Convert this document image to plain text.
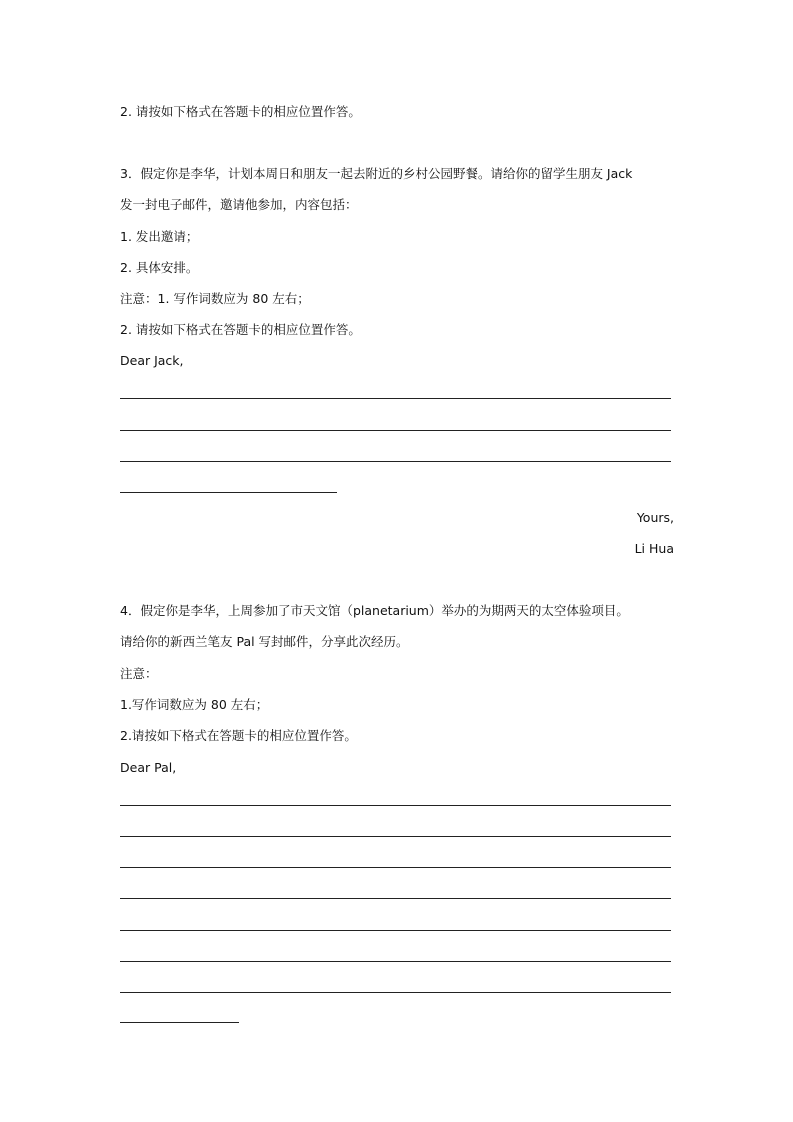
2. 请按如下格式在答题卡的相应位置作答。
3．假定你是李华，计划本周日和朋友一起去附近的乡村公园野餐。请给你的留学生朋友 Jack
发一封电子邮件，邀请他参加，内容包括：
1. 发出邀请；
2. 具体安排。
注意：1. 写作词数应为 80 左右；
2. 请按如下格式在答题卡的相应位置作答。
Dear Jack,
Yours,
Li Hua
4．假定你是李华，上周参加了市天文馆（planetarium）举办的为期两天的太空体验项目。
请给你的新西兰笔友 Pal 写封邮件，分享此次经历。
注意：
1.写作词数应为 80 左右；
2.请按如下格式在答题卡的相应位置作答。
Dear Pal,
